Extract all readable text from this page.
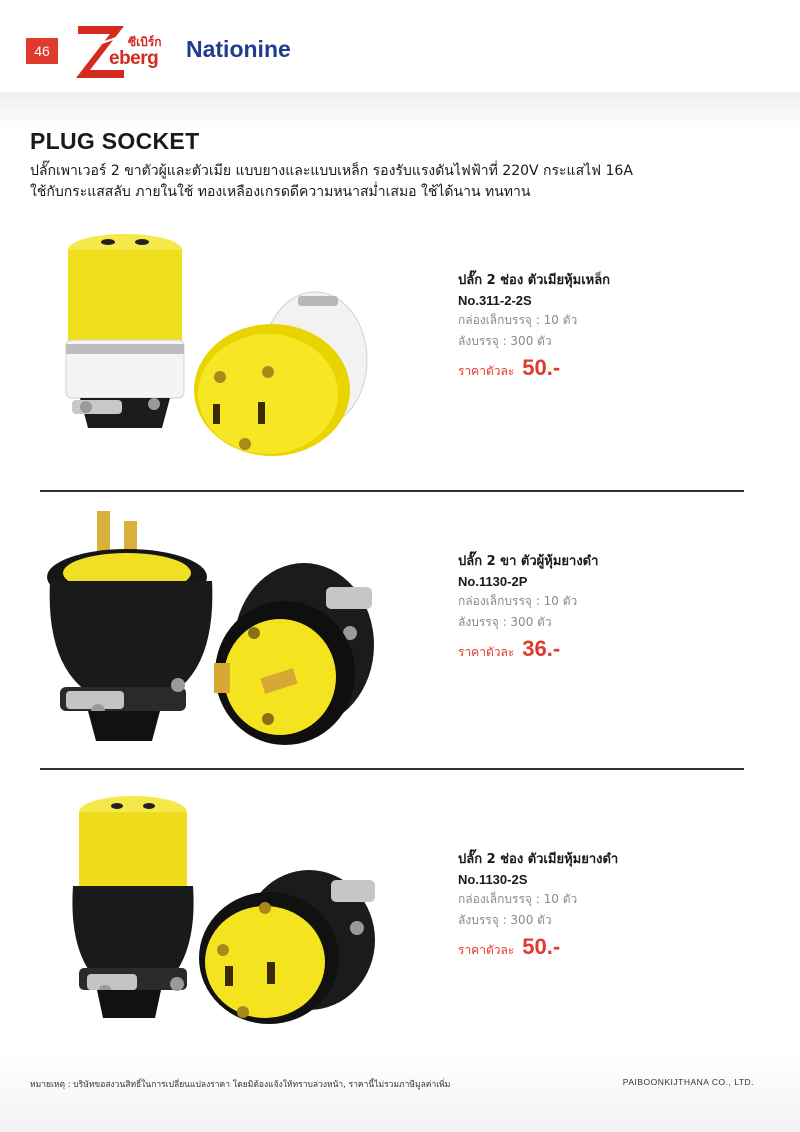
46
ซีเบิร์ก
eberg Nationine
PLUG SOCKET
ปลั๊กเพาเวอร์ 2 ขาตัวผู้และตัวเมีย แบบยางและแบบเหล็ก รองรับแรงดันไฟฟ้าที่ 220V กระแสไฟ 16A
ใช้กับกระแสสลับ ภายในใช้ ทองเหลืองเกรดดีความหนาสม่ำเสมอ ใช้ได้นาน ทนทาน
ปลั๊ก 2 ช่อง ตัวเมียหุ้มเหล็ก
No.311-2-2S
กล่องเล็กบรรจุ : 10 ตัว
ลังบรรจุ : 300 ตัว
ราคาตัวละ 50.-
ปลั๊ก 2 ขา ตัวผู้หุ้มยางดำ
No.1130-2P
กล่องเล็กบรรจุ : 10 ตัว
ลังบรรจุ : 300 ตัว
ราคาตัวละ 36.-
ปลั๊ก 2 ช่อง ตัวเมียหุ้มยางดำ
No.1130-2S
กล่องเล็กบรรจุ : 10 ตัว
ลังบรรจุ : 300 ตัว
ราคาตัวละ 50.-
หมายเหตุ : บริษัทขอสงวนสิทธิ์ในการเปลี่ยนแปลงราคา โดยมิต้องแจ้งให้ทราบล่วงหน้า, ราคานี้ไม่รวมภาษีมูลค่าเพิ่ม	PAIBOONKIJTHANA CO., LTD.
